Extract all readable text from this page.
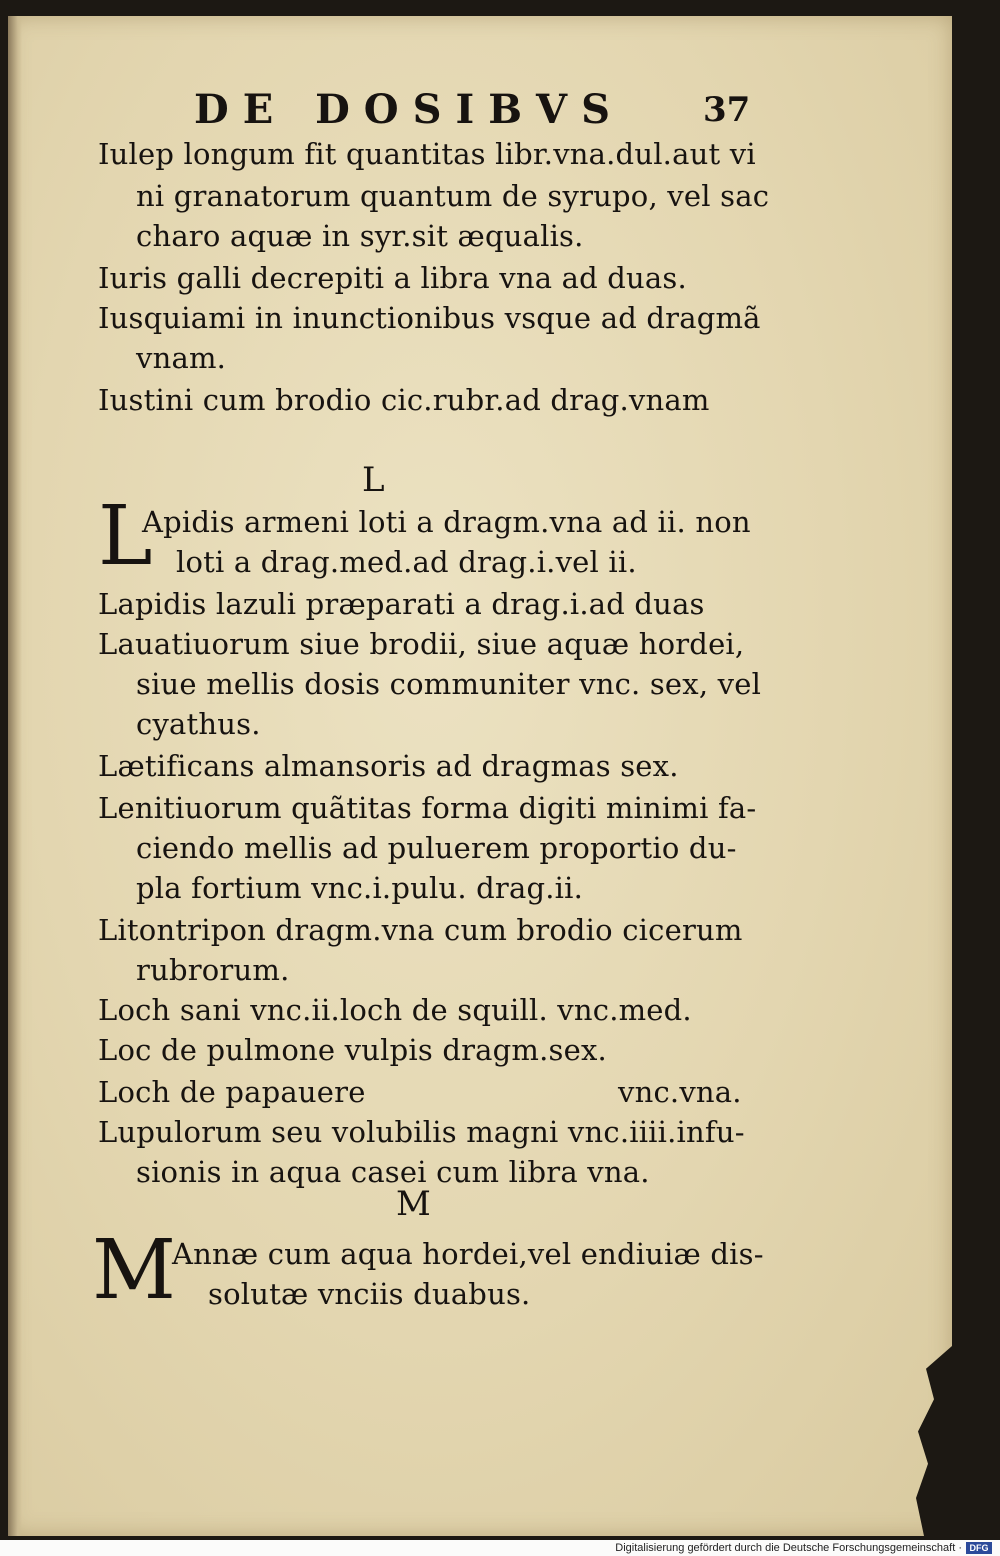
DE DOSIBVS 37
Iulep longum fit quantitas libr.vna.dul.aut vi
ni granatorum quantum de syrupo, vel sac
charo aquæ in syr.sit æqualis.
Iuris galli decrepiti a libra vna ad duas.
Iusquiami in inunctionibus vsque ad dragmã
vnam.
Iustini cum brodio cic.rubr.ad drag.vnam
L
L
Apidis armeni loti a dragm.vna ad ii. non
loti a drag.med.ad drag.i.vel ii.
Lapidis lazuli præparati a drag.i.ad duas
Lauatiuorum siue brodii, siue aquæ hordei,
siue mellis dosis communiter vnc. sex, vel
cyathus.
Lætificans almansoris ad dragmas sex.
Lenitiuorum quãtitas forma digiti minimi fa-
ciendo mellis ad puluerem proportio du-
pla fortium vnc.i.pulu. drag.ii.
Litontripon dragm.vna cum brodio cicerum
rubrorum.
Loch sani vnc.ii.loch de squill. vnc.med.
Loc de pulmone vulpis dragm.sex.
Loch de papauere	vnc.vna.
Lupulorum seu volubilis magni vnc.iiii.infu-
sionis in aqua casei cum libra vna.
M
M
Annæ cum aqua hordei,vel endiuiæ dis-
solutæ vnciis duabus.
Digitalisierung gefördert durch die Deutsche Forschungsgemeinschaft · DFG
